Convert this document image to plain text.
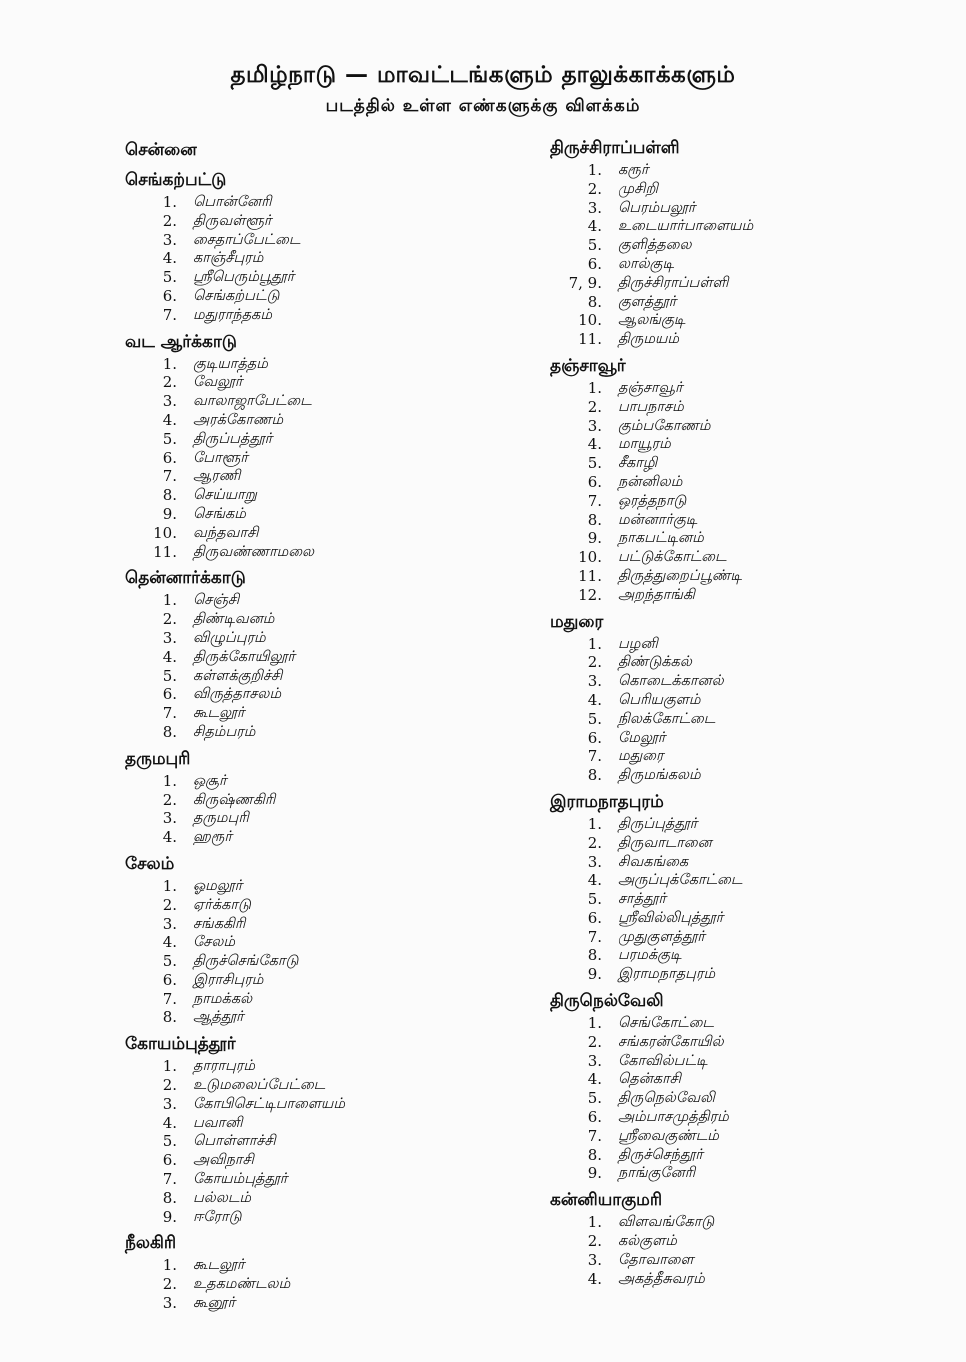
தமிழ்நாடு — மாவட்டங்களும் தாலுக்காக்களும்
படத்தில் உள்ள எண்களுக்கு விளக்கம்
சென்னை
செங்கற்பட்டு
1. பொன்னேரி
2. திருவள்ளூர்
3. சைதாப்பேட்டை
4. காஞ்சீபுரம்
5. ஸ்ரீபெரும்பூதூர்
6. செங்கற்பட்டு
7. மதுராந்தகம்
வட ஆர்க்காடு
1. குடியாத்தம்
2. வேலூர்
3. வாலாஜாபேட்டை
4. அரக்கோணம்
5. திருப்பத்தூர்
6. போளூர்
7. ஆரணி
8. செய்யாறு
9. செங்கம்
10. வந்தவாசி
11. திருவண்ணாமலை
தென்னார்க்காடு
1. செஞ்சி
2. திண்டிவனம்
3. விழுப்புரம்
4. திருக்கோயிலூர்
5. கள்ளக்குறிச்சி
6. விருத்தாசலம்
7. கூடலூர்
8. சிதம்பரம்
தருமபுரி
1. ஒசூர்
2. கிருஷ்ணகிரி
3. தருமபுரி
4. ஹரூர்
சேலம்
1. ஓமலூர்
2. ஏர்க்காடு
3. சங்ககிரி
4. சேலம்
5. திருச்செங்கோடு
6. இராசிபுரம்
7. நாமக்கல்
8. ஆத்தூர்
கோயம்புத்தூர்
1. தாராபுரம்
2. உடுமலைப்பேட்டை
3. கோபிசெட்டிபாளையம்
4. பவானி
5. பொள்ளாச்சி
6. அவிநாசி
7. கோயம்புத்தூர்
8. பல்லடம்
9. ஈரோடு
நீலகிரி
1. கூடலூர்
2. உதகமண்டலம்
3. கூனூர்
திருச்சிராப்பள்ளி
1. கரூர்
2. முசிறி
3. பெரம்பலூர்
4. உடையார்பாளையம்
5. குளித்தலை
6. லால்குடி
7, 9. திருச்சிராப்பள்ளி
8. குளத்தூர்
10. ஆலங்குடி
11. திருமயம்
தஞ்சாவூர்
1. தஞ்சாவூர்
2. பாபநாசம்
3. கும்பகோணம்
4. மாயூரம்
5. சீகாழி
6. நன்னிலம்
7. ஒரத்தநாடு
8. மன்னார்குடி
9. நாகபட்டினம்
10. பட்டுக்கோட்டை
11. திருத்துறைப்பூண்டி
12. அறந்தாங்கி
மதுரை
1. பழனி
2. திண்டுக்கல்
3. கொடைக்கானல்
4. பெரியகுளம்
5. நிலக்கோட்டை
6. மேலூர்
7. மதுரை
8. திருமங்கலம்
இராமநாதபுரம்
1. திருப்புத்தூர்
2. திருவாடானை
3. சிவகங்கை
4. அருப்புக்கோட்டை
5. சாத்தூர்
6. ஸ்ரீவில்லிபுத்தூர்
7. முதுகுளத்தூர்
8. பரமக்குடி
9. இராமநாதபுரம்
திருநெல்வேலி
1. செங்கோட்டை
2. சங்கரன்கோயில்
3. கோவில்பட்டி
4. தென்காசி
5. திருநெல்வேலி
6. அம்பாசமுத்திரம்
7. ஸ்ரீவைகுண்டம்
8. திருச்செந்தூர்
9. நாங்குனேரி
கன்னியாகுமரி
1. விளவங்கோடு
2. கல்குளம்
3. தோவாளை
4. அகத்தீசுவரம்
